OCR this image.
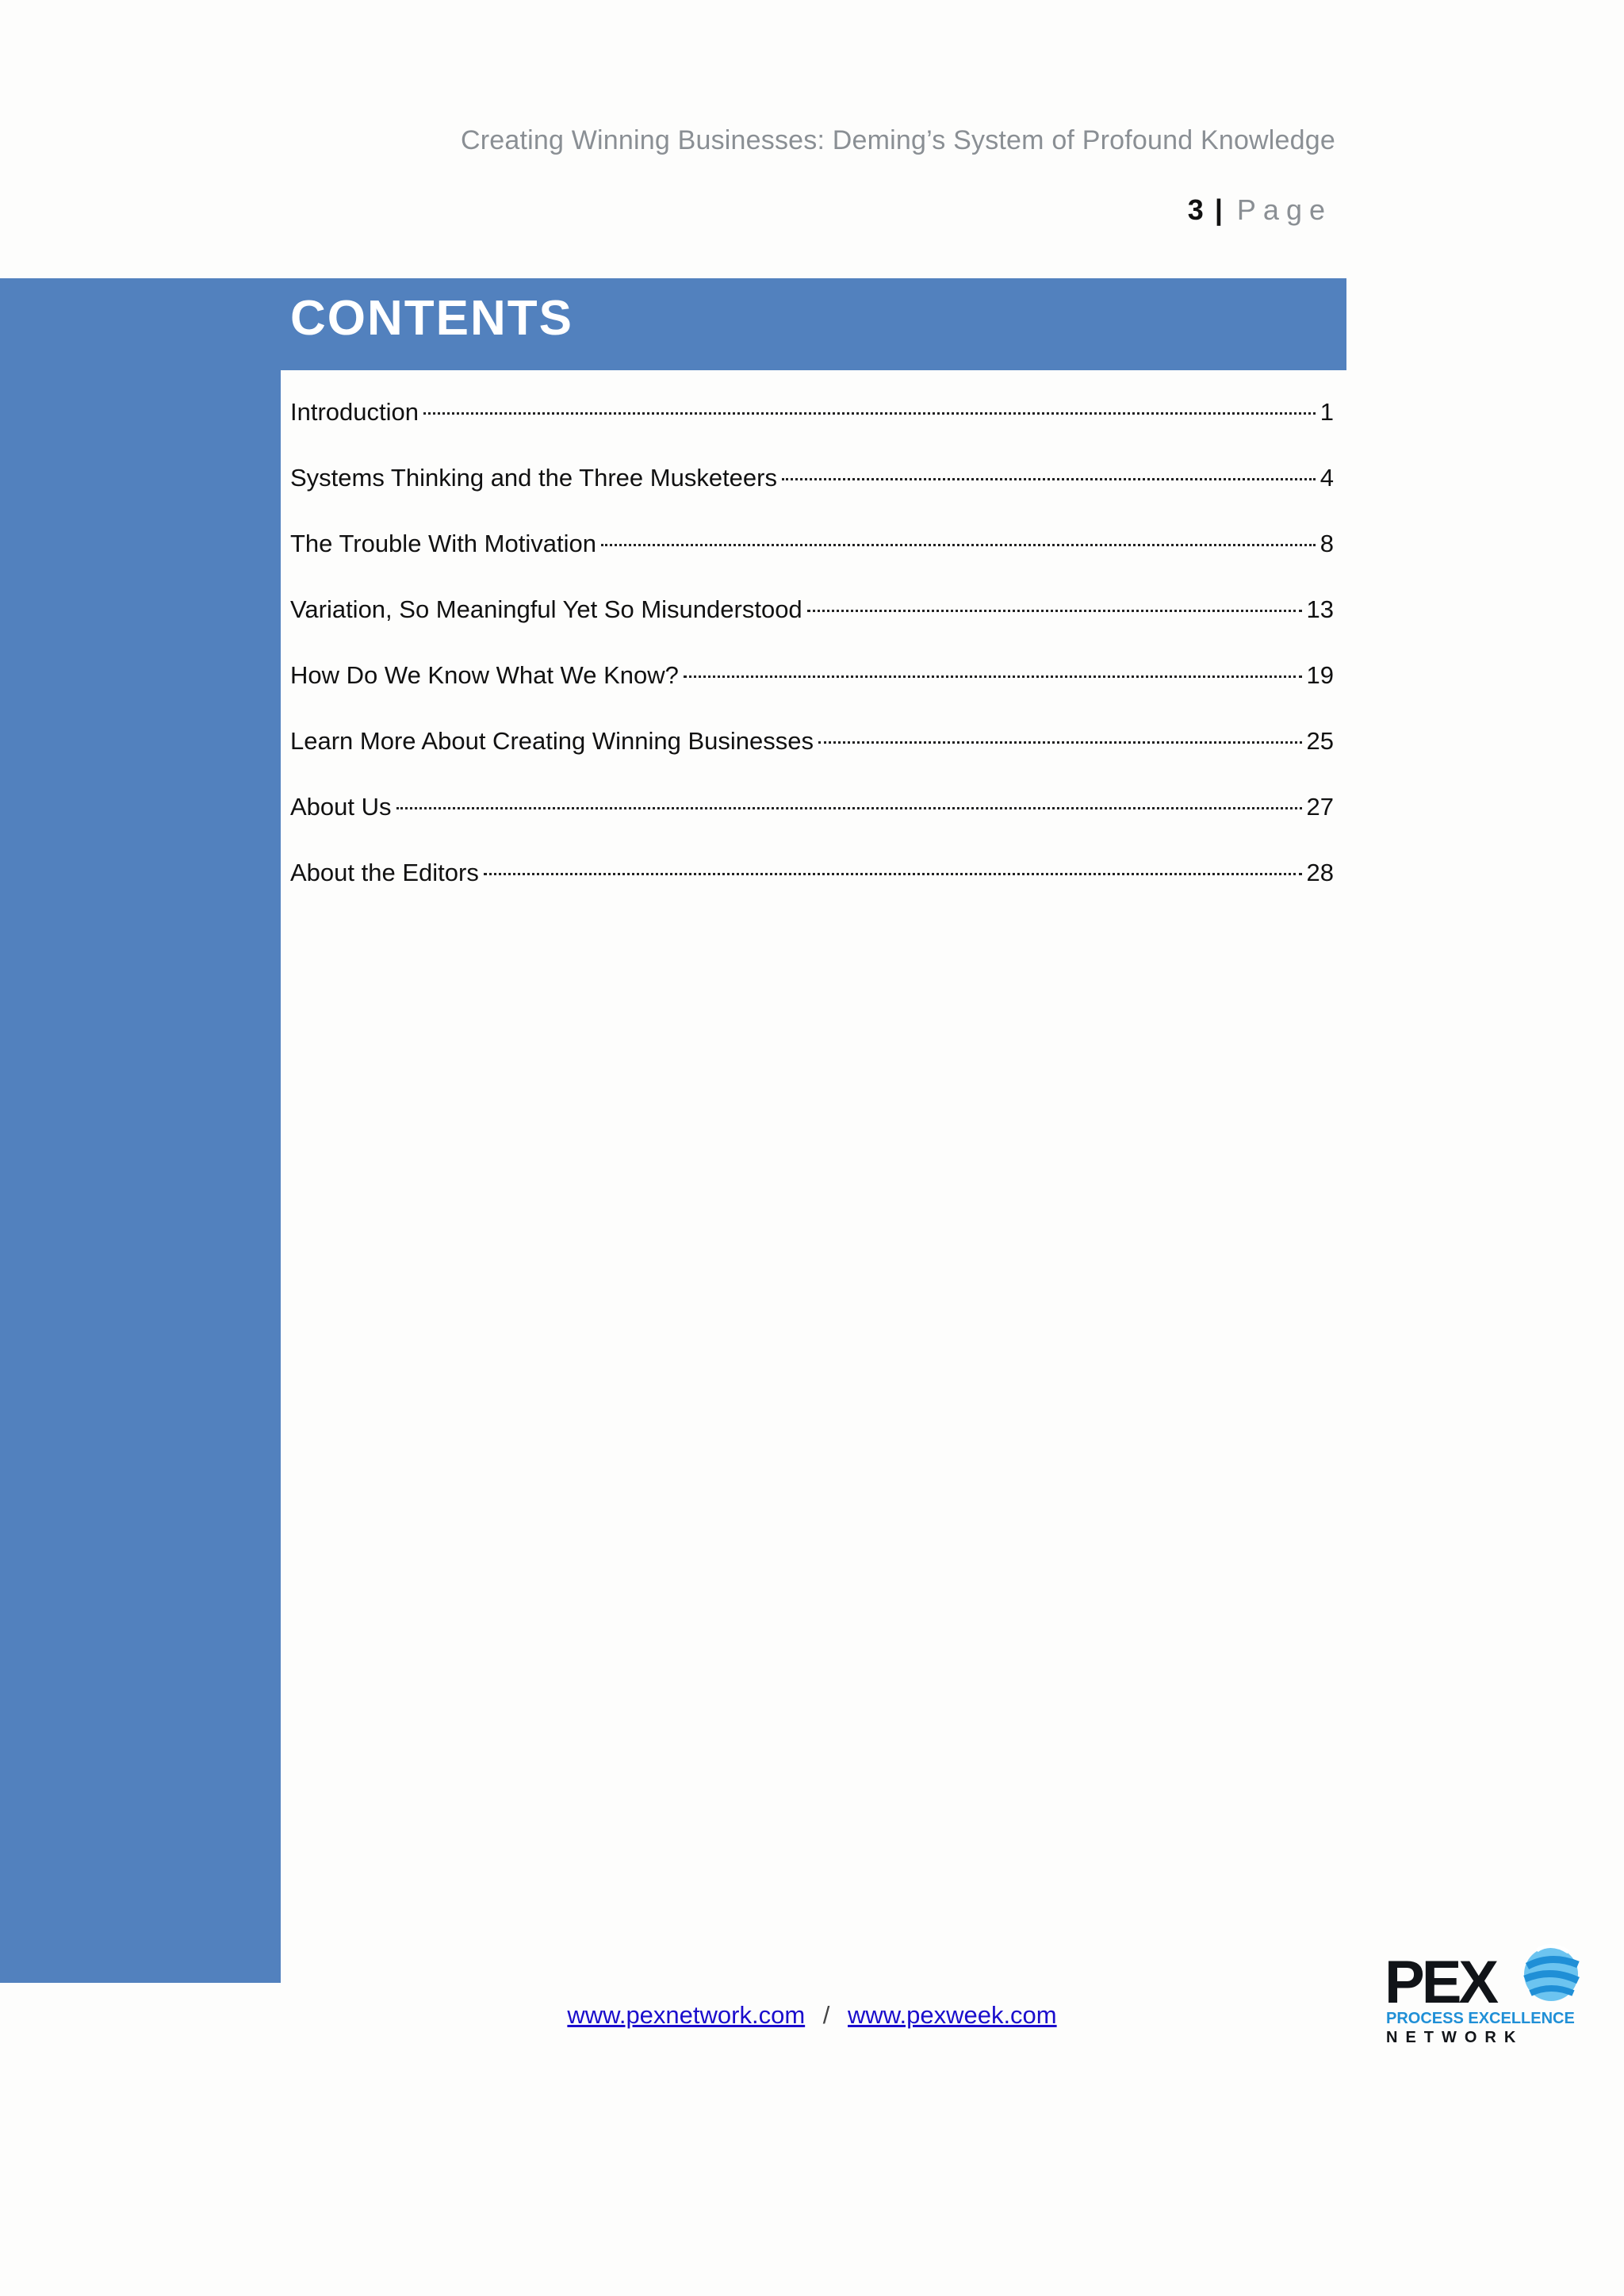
Creating Winning Businesses: Deming’s System of Profound Knowledge
3 | Page
CONTENTS
Introduction	1
Systems Thinking and the Three Musketeers	4
The Trouble With Motivation	8
Variation, So Meaningful Yet So Misunderstood	13
How Do We Know What We Know?	19
Learn More About Creating Winning Businesses	25
About Us	27
About the Editors	28
www.pexnetwork.com / www.pexweek.com	PEX
PROCESS EXCELLENCE
NETWORK
